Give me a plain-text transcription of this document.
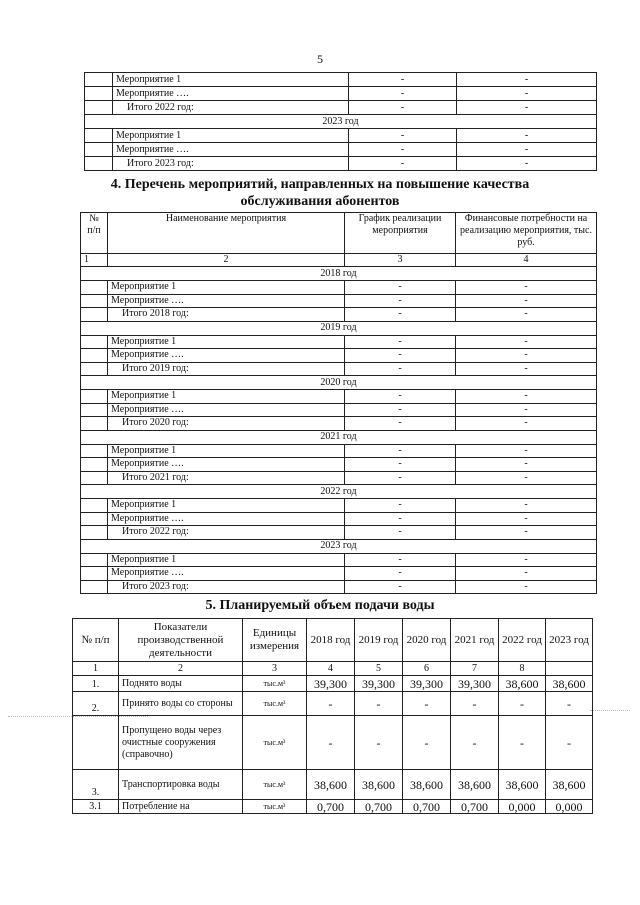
5
	Мероприятие 1	-	-
	Мероприятие ….	-	-
	Итого 2022 год:	-	-
2023 год			
	Мероприятие 1	-	-
	Мероприятие ….	-	-
	Итого 2023 год:	-	-
4. Перечень мероприятий, направленных на повышение качества
обслуживания абонентов
№ п/п	Наименование мероприятия	График реализации мероприятия	Финансовые потребности на реализацию мероприятия, тыс. руб.
1	2	3	4
2018 год			
	Мероприятие 1	-	-
	Мероприятие ….	-	-
	Итого 2018 год:	-	-
2019 год			
	Мероприятие 1	-	-
	Мероприятие ….	-	-
	Итого 2019 год:	-	-
2020 год			
	Мероприятие 1	-	-
	Мероприятие ….	-	-
	Итого 2020 год:	-	-
2021 год			
	Мероприятие 1	-	-
	Мероприятие ….	-	-
	Итого 2021 год:	-	-
2022 год			
	Мероприятие 1	-	-
	Мероприятие ….	-	-
	Итого 2022 год:	-	-
2023 год			
	Мероприятие 1	-	-
	Мероприятие ….	-	-
	Итого 2023 год:	-	-
5. Планируемый объем подачи воды
№ п/п	Показатели производственной деятельности	Единицы измерения	2018 год	2019 год	2020 год	2021 год	2022 год	2023 год
1	2	3	4	5	6	7	8	
1.	Поднято воды	тыс.м³	39,300	39,300	39,300	39,300	38,600	38,600
2.	Принято воды со стороны	тыс.м³	-	-	-	-	-	-
	Пропущено воды через очистные сооружения (справочно)	тыс.м³	-	-	-	-	-	-
3.	Транспортировка воды	тыс.м³	38,600	38,600	38,600	38,600	38,600	38,600
3.1	Потребление на	тыс.м³	0,700	0,700	0,700	0,700	0,000	0,000
